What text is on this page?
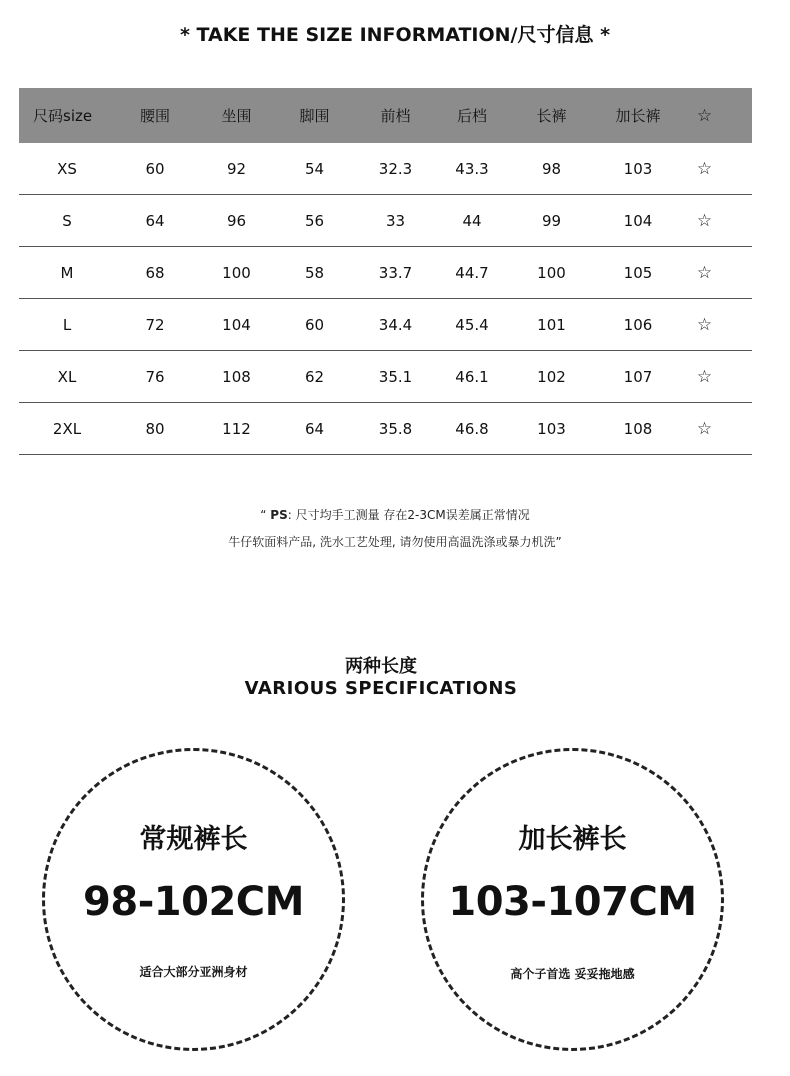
* TAKE THE SIZE INFORMATION/尺寸信息 *
尺码size	腰围	坐围	脚围	前档	后档	长裤	加长裤	☆
XS	60	92	54	32.3	43.3	98	103	☆
S	64	96	56	33	44	99	104	☆
M	68	100	58	33.7	44.7	100	105	☆
L	72	104	60	34.4	45.4	101	106	☆
XL	76	108	62	35.1	46.1	102	107	☆
2XL	80	112	64	35.8	46.8	103	108	☆
“ PS: 尺寸均手工测量 存在2-3CM误差属正常情况
牛仔软面料产品, 洗水工艺处理, 请勿使用高温洗涤或暴力机洗”
两种长度
VARIOUS SPECIFICATIONS
常规裤长
98-102CM
适合大部分亚洲身材
加长裤长
103-107CM
高个子首选 妥妥拖地感
